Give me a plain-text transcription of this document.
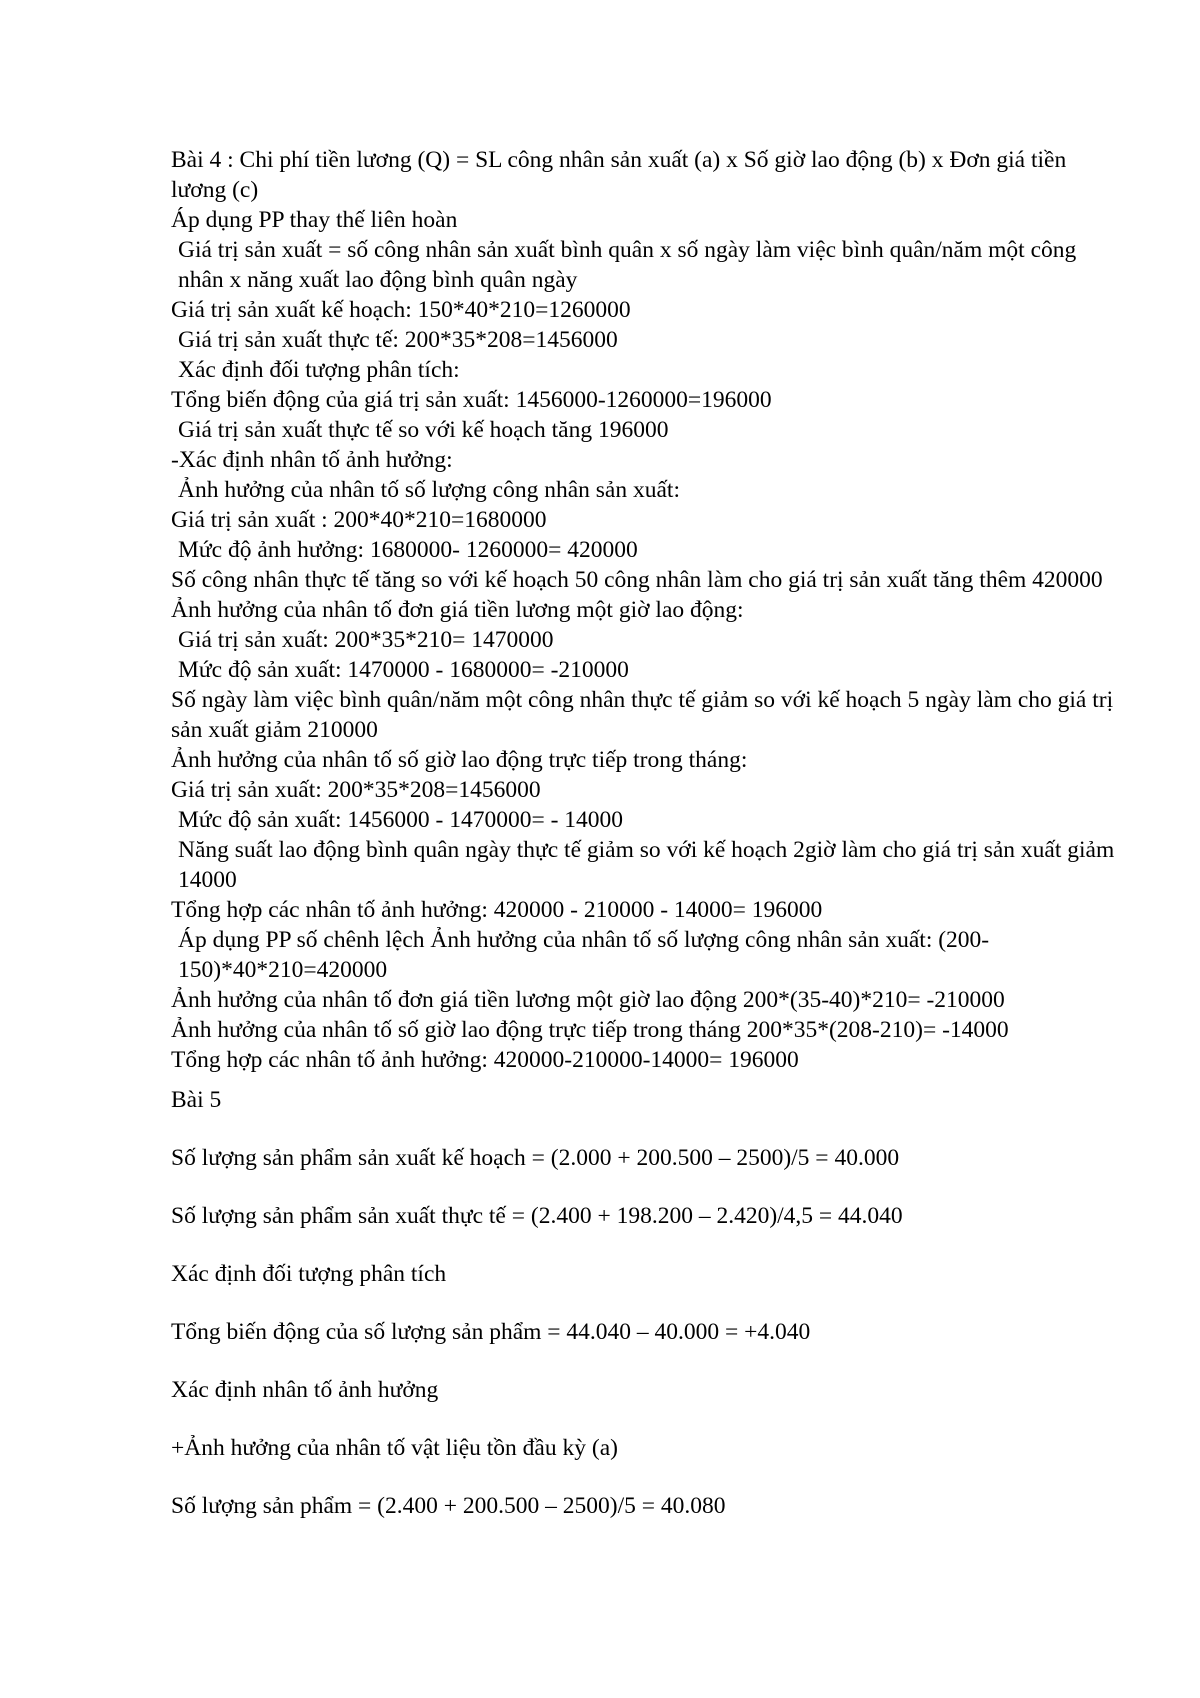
Bài 4 : Chi phí tiền lương (Q) = SL công nhân sản xuất (a) x Số giờ lao động (b) x Đơn giá tiền lương (c)
Áp dụng PP thay thế liên hoàn
Giá trị sản xuất = số công nhân sản xuất bình quân x số ngày làm việc bình quân/năm một công nhân x năng xuất lao động bình quân ngày
Giá trị sản xuất kế hoạch: 150*40*210=1260000
Giá trị sản xuất thực tế: 200*35*208=1456000
Xác định đối tượng phân tích:
Tổng biến động của giá trị sản xuất: 1456000-1260000=196000
Giá trị sản xuất thực tế so với kế hoạch tăng 196000
-Xác định nhân tố ảnh hưởng:
Ảnh hưởng của nhân tố số lượng công nhân sản xuất:
Giá trị sản xuất : 200*40*210=1680000
Mức độ ảnh hưởng: 1680000- 1260000= 420000
Số công nhân thực tế tăng so với kế hoạch 50 công nhân làm cho giá trị sản xuất tăng thêm 420000
Ảnh hưởng của nhân tố đơn giá tiền lương một giờ lao động:
Giá trị sản xuất: 200*35*210= 1470000
Mức độ sản xuất: 1470000 - 1680000= -210000
Số ngày làm việc bình quân/năm một công nhân thực tế giảm so với kế hoạch 5 ngày làm cho giá trị sản xuất giảm 210000
Ảnh hưởng của nhân tố số giờ lao động trực tiếp trong tháng:
Giá trị sản xuất: 200*35*208=1456000
Mức độ sản xuất: 1456000 - 1470000= - 14000
Năng suất lao động bình quân ngày thực tế giảm so với kế hoạch 2giờ làm cho giá trị sản xuất giảm 14000
Tổng hợp các nhân tố ảnh hưởng: 420000 - 210000 - 14000= 196000
Áp dụng PP số chênh lệch Ảnh hưởng của nhân tố số lượng công nhân sản xuất: (200-150)*40*210=420000
Ảnh hưởng của nhân tố đơn giá tiền lương một giờ lao động 200*(35-40)*210= -210000
Ảnh hưởng của nhân tố số giờ lao động trực tiếp trong tháng 200*35*(208-210)= -14000
Tổng hợp các nhân tố ảnh hưởng: 420000-210000-14000= 196000
Bài 5
Số lượng sản phẩm sản xuất kế hoạch = (2.000 + 200.500 – 2500)/5 = 40.000
Số lượng sản phẩm sản xuất thực tế = (2.400 + 198.200 – 2.420)/4,5 = 44.040
Xác định đối tượng phân tích
Tổng biến động của số lượng sản phẩm = 44.040 – 40.000 = +4.040
Xác định nhân tố ảnh hưởng
+Ảnh hưởng của nhân tố vật liệu tồn đầu kỳ (a)
Số lượng sản phẩm = (2.400 + 200.500 – 2500)/5 = 40.080
